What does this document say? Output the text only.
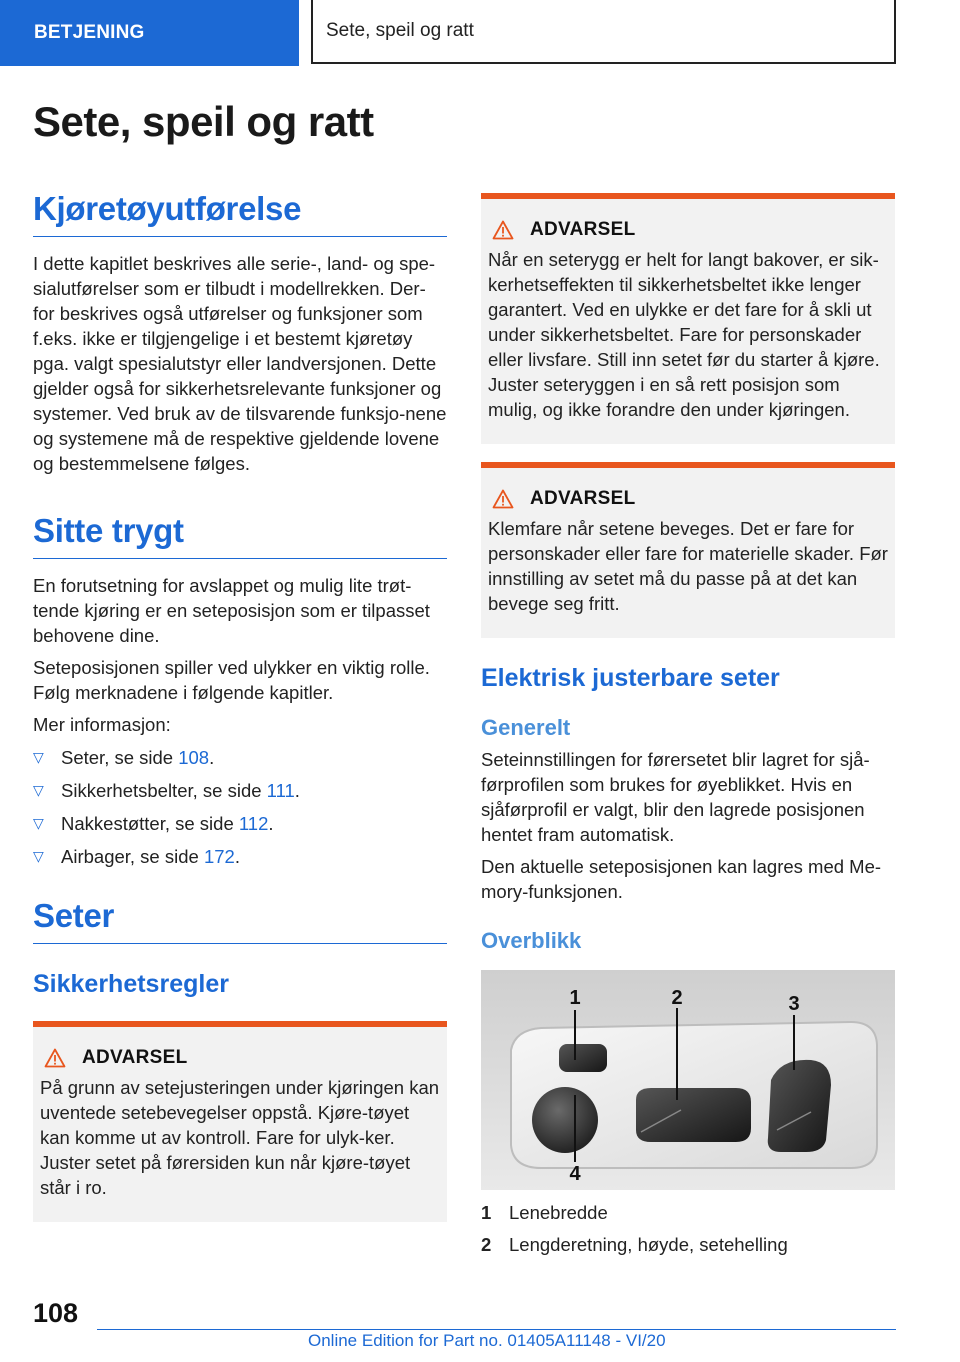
BETJENING	Sete, speil og ratt
Sete, speil og ratt
Kjøretøyutførelse

I dette kapitlet beskrives alle serie-, land- og spe-sialutførelser som er tilbudt i modellrekken. Der-for beskrives også utførelser og funksjoner som f.eks. ikke er tilgjengelige i et bestemt kjøretøy pga. valgt spesialutstyr eller landversjonen. Dette gjelder også for sikkerhetsrelevante funksjoner og systemer. Ved bruk av de tilsvarende funksjo-nene og systemene må de respektive gjeldende lovene og bestemmelsene følges.

Sitte trygt

En forutsetning for avslappet og mulig lite trøt-tende kjøring er en seteposisjon som er tilpasset behovene dine.

Seteposisjonen spiller ved ulykker en viktig rolle. Følg merknadene i følgende kapitler.

Mer informasjon:

▽ Seter, se side 108.
▽ Sikkerhetsbelter, se side 111.
▽ Nakkestøtter, se side 112.
▽ Airbager, se side 172.
Seter
Sikkerhetsregler
ADVARSEL

På grunn av setejusteringen under kjøringen kan uventede setebevegelser oppstå. Kjøre-tøyet kan komme ut av kontroll. Fare for ulyk-ker. Juster setet på førersiden kun når kjøre-tøyet står i ro.

ADVARSEL

Når en seterygg er helt for langt bakover, er sik-kerhetseffekten til sikkerhetsbeltet ikke lenger garantert. Ved en ulykke er det fare for å skli ut under sikkerhetsbeltet. Fare for personskader eller livsfare. Still inn setet før du starter å kjøre. Juster seteryggen i en så rett posisjon som mulig, og ikke forandre den under kjøringen.

ADVARSEL

Klemfare når setene beveges. Det er fare for personskader eller fare for materielle skader. Før innstilling av setet må du passe på at det kan bevege seg fritt.

Elektrisk justerbare seter
Generelt

Seteinnstillingen for førersetet blir lagret for sjå-førprofilen som brukes for øyeblikket. Hvis en sjåførprofil er valgt, blir den lagrede posisjonen hentet fram automatisk.

Den aktuelle seteposisjonen kan lagres med Me-mory-funksjonen.

Overblikk
1	2	3
4
1 Lenebredde
2 Lengderetning, høyde, setehelling
108
Online Edition for Part no. 01405A11148 - VI/20
